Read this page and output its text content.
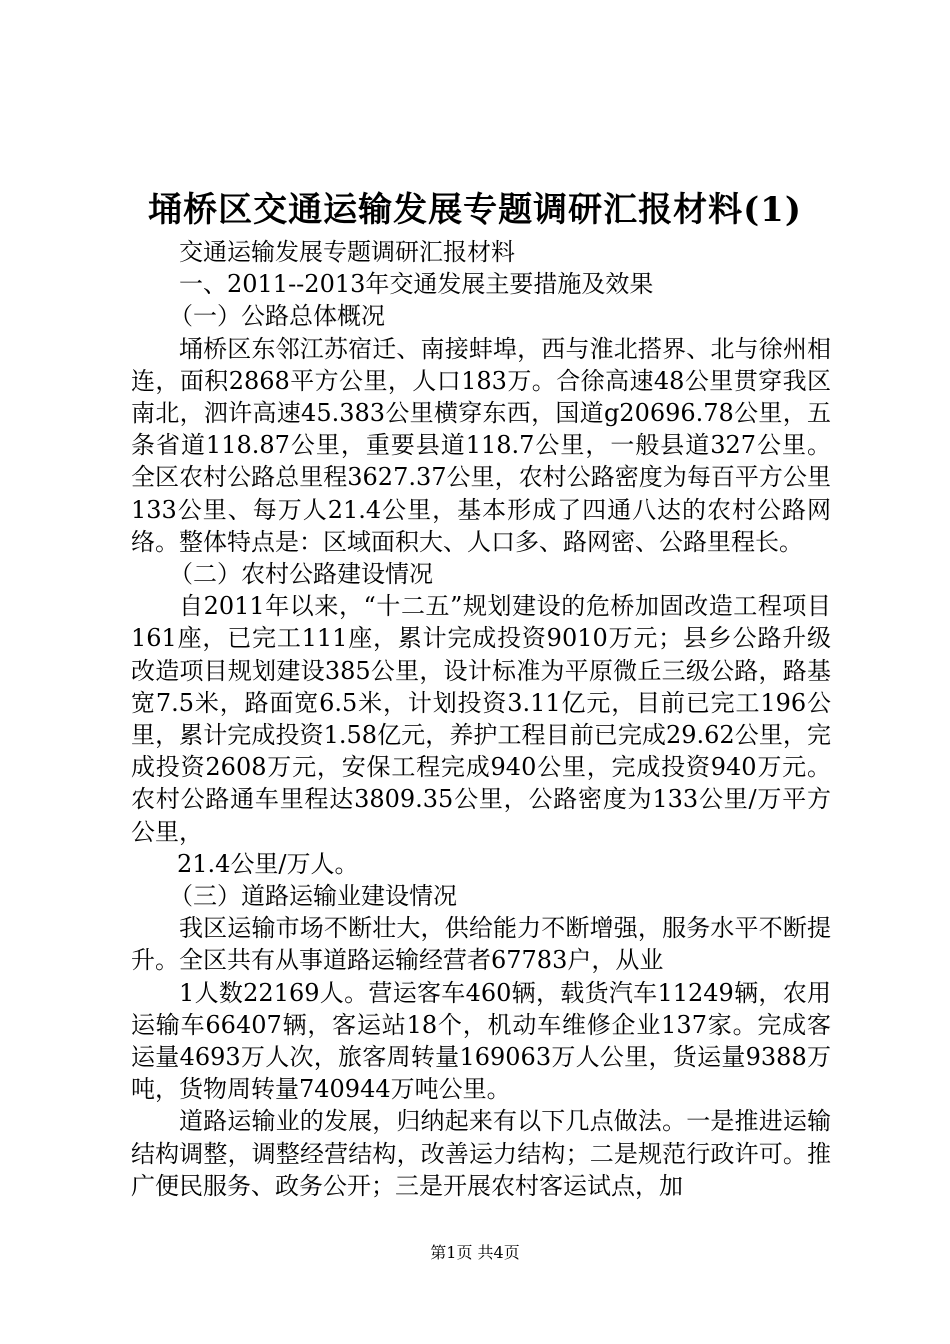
埇桥区交通运输发展专题调研汇报材料(1)

交通运输发展专题调研汇报材料

一、2011--2013年交通发展主要措施及效果

（一）公路总体概况

埇桥区东邻江苏宿迁、南接蚌埠，西与淮北搭界、北与徐州相连，面积2868平方公里，人口183万。合徐高速48公里贯穿我区南北，泗许高速45.383公里横穿东西，国道g20696.78公里，五条省道118.87公里，重要县道118.7公里，一般县道327公里。全区农村公路总里程3627.37公里，农村公路密度为每百平方公里133公里、每万人21.4公里，基本形成了四通八达的农村公路网络。整体特点是：区域面积大、人口多、路网密、公路里程长。

（二）农村公路建设情况

自2011年以来，“十二五”规划建设的危桥加固改造工程项目161座，已完工111座，累计完成投资9010万元；县乡公路升级改造项目规划建设385公里，设计标准为平原微丘三级公路，路基宽7.5米，路面宽6.5米，计划投资3.11亿元，目前已完工196公里，累计完成投资1.58亿元，养护工程目前已完成29.62公里，完成投资2608万元，安保工程完成940公里，完成投资940万元。农村公路通车里程达3809.35公里，公路密度为133公里/万平方公里，

21.4公里/万人。

（三）道路运输业建设情况

我区运输市场不断壮大，供给能力不断增强，服务水平不断提升。全区共有从事道路运输经营者67783户，从业

1人数22169人。营运客车460辆，载货汽车11249辆，农用运输车66407辆，客运站18个，机动车维修企业137家。完成客运量4693万人次，旅客周转量169063万人公里，货运量9388万吨，货物周转量740944万吨公里。

道路运输业的发展，归纳起来有以下几点做法。一是推进运输结构调整，调整经营结构，改善运力结构；二是规范行政许可。推广便民服务、政务公开；三是开展农村客运试点，加

第1页 共4页
